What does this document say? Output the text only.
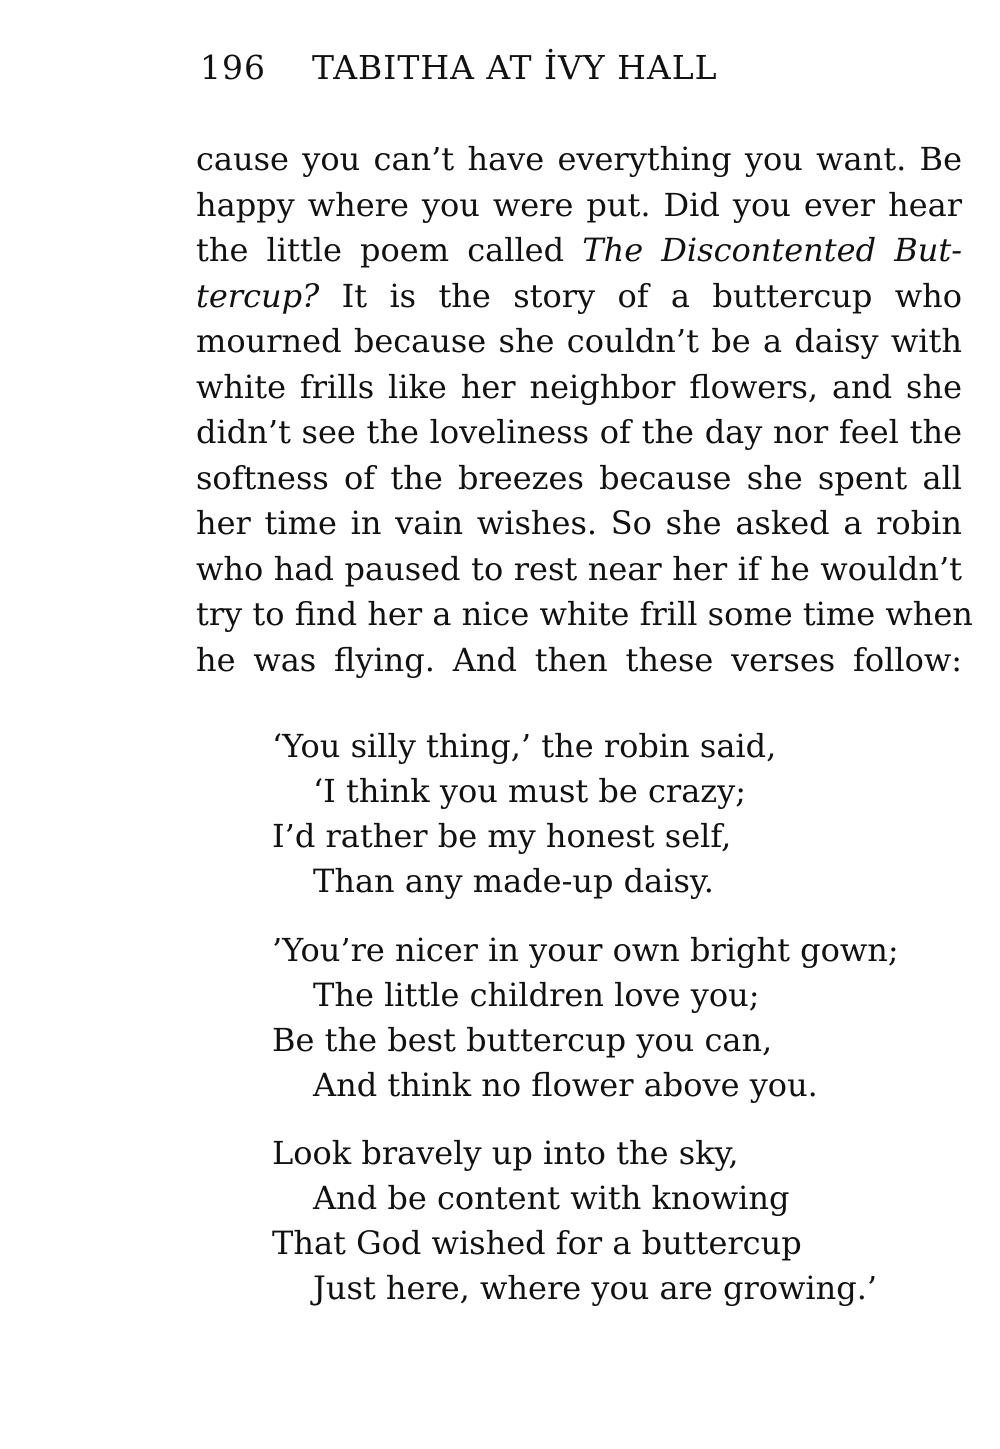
196 TABITHA AT İVY HALL
cause you can’t have everything you want. Be
happy where you were put. Did you ever hear
the little poem called The Discontented But-
tercup? It is the story of a buttercup who
mourned because she couldn’t be a daisy with
white frills like her neighbor flowers, and she
didn’t see the loveliness of the day nor feel the
softness of the breezes because she spent all
her time in vain wishes. So she asked a robin
who had paused to rest near her if he wouldn’t
try to find her a nice white frill some time when
he was flying. And then these verses follow:
‘You silly thing,’ the robin said,
‘I think you must be crazy;
I’d rather be my honest self,
Than any made-up daisy.
’You’re nicer in your own bright gown;
The little children love you;
Be the best buttercup you can,
And think no flower above you.
Look bravely up into the sky,
And be content with knowing
That God wished for a buttercup
Just here, where you are growing.’
